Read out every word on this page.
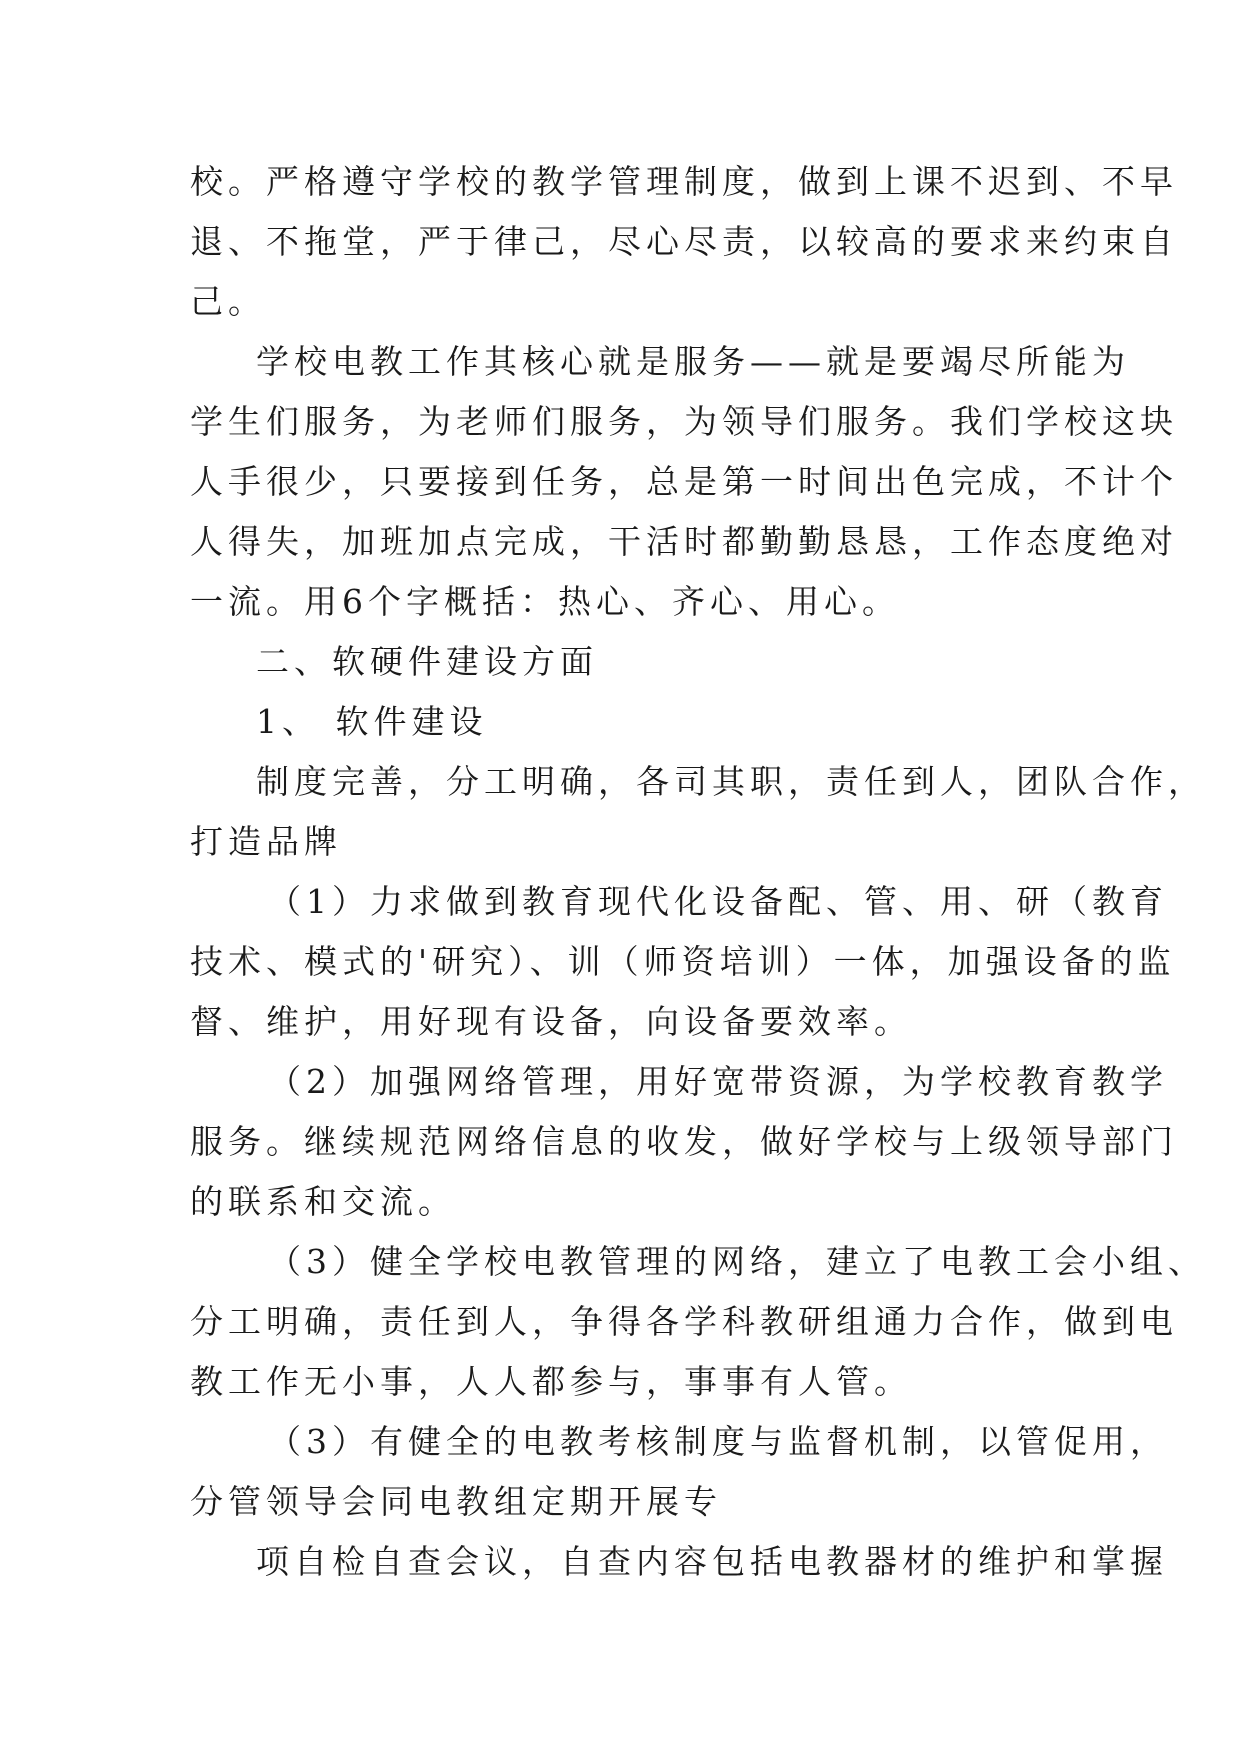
校。严格遵守学校的教学管理制度，做到上课不迟到、不早
退、不拖堂，严于律己，尽心尽责，以较高的要求来约束自
己。
学校电教工作其核心就是服务——就是要竭尽所能为
学生们服务，为老师们服务，为领导们服务。我们学校这块
人手很少，只要接到任务，总是第一时间出色完成，不计个
人得失，加班加点完成，干活时都勤勤恳恳，工作态度绝对
一流。用6个字概括：热心、齐心、用心。
二、软硬件建设方面
1、 软件建设
制度完善，分工明确，各司其职，责任到人，团队合作，
打造品牌
（1）力求做到教育现代化设备配、管、用、研（教育
技术、模式的'研究）、训（师资培训）一体，加强设备的监
督、维护，用好现有设备，向设备要效率。
（2）加强网络管理，用好宽带资源，为学校教育教学
服务。继续规范网络信息的收发，做好学校与上级领导部门
的联系和交流。
（3）健全学校电教管理的网络，建立了电教工会小组、
分工明确，责任到人，争得各学科教研组通力合作，做到电
教工作无小事，人人都参与，事事有人管。
（3）有健全的电教考核制度与监督机制，以管促用，
分管领导会同电教组定期开展专
项自检自查会议，自查内容包括电教器材的维护和掌握
